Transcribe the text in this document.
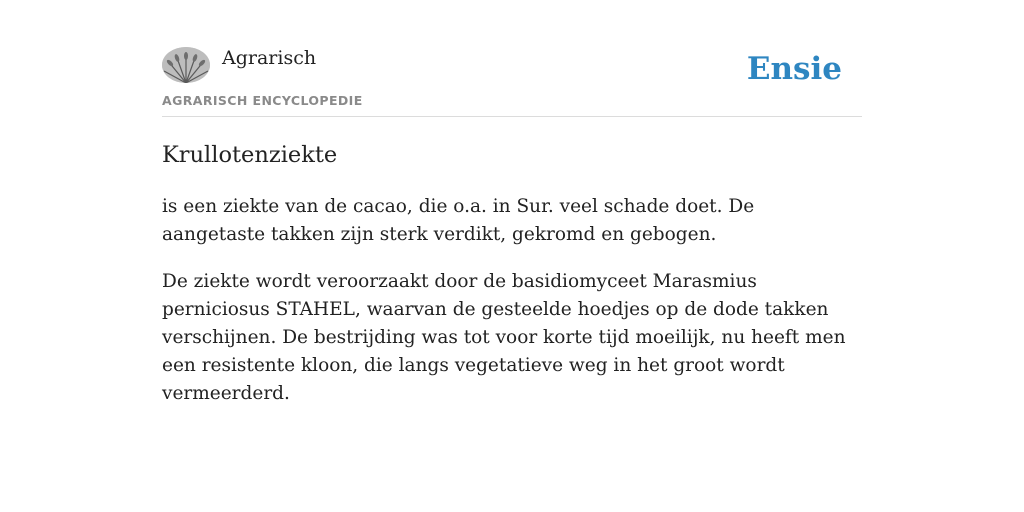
Agrarisch
AGRARISCH ENCYCLOPEDIE
Ensie
Krullotenziekte

is een ziekte van de cacao, die o.a. in Sur. veel schade doet. De aangetaste takken zijn sterk verdikt, gekromd en gebogen.

De ziekte wordt veroorzaakt door de basidiomyceet Marasmius perniciosus STAHEL, waarvan de gesteelde hoedjes op de dode takken verschijnen. De bestrijding was tot voor korte tijd moeilijk, nu heeft men een resistente kloon, die langs vegetatieve weg in het groot wordt vermeerderd.
